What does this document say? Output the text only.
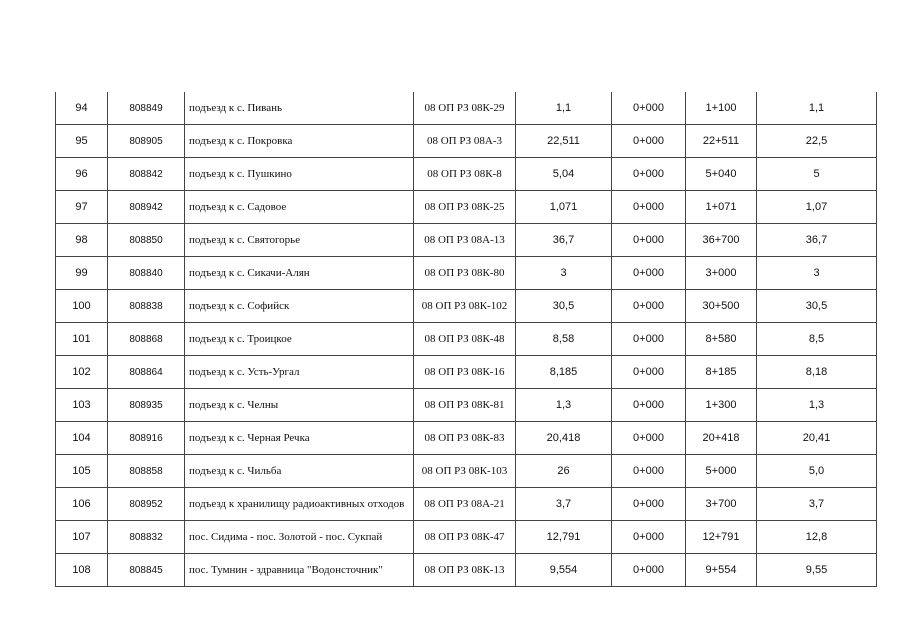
94	808849	подъезд к с. Пивань	08 ОП РЗ 08К-29	1,1	0+000	1+100	1,1
95	808905	подъезд к с. Покровка	08 ОП РЗ 08А-3	22,511	0+000	22+511	22,5
96	808842	подъезд к с. Пушкино	08 ОП РЗ 08К-8	5,04	0+000	5+040	5
97	808942	подъезд к с. Садовое	08 ОП РЗ 08К-25	1,071	0+000	1+071	1,07
98	808850	подъезд к с. Святогорье	08 ОП РЗ 08А-13	36,7	0+000	36+700	36,7
99	808840	подъезд к с. Сикачи-Алян	08 ОП РЗ 08К-80	3	0+000	3+000	3
100	808838	подъезд к с. Софийск	08 ОП РЗ 08К-102	30,5	0+000	30+500	30,5
101	808868	подъезд к с. Троицкое	08 ОП РЗ 08К-48	8,58	0+000	8+580	8,5
102	808864	подъезд к с. Усть-Ургал	08 ОП РЗ 08К-16	8,185	0+000	8+185	8,18
103	808935	подъезд к с. Челны	08 ОП РЗ 08К-81	1,3	0+000	1+300	1,3
104	808916	подъезд к с. Черная Речка	08 ОП РЗ 08К-83	20,418	0+000	20+418	20,41
105	808858	подъезд к с. Чильба	08 ОП РЗ 08К-103	26	0+000	5+000	5,0
106	808952	подъезд к хранилищу радиоактивных отходов	08 ОП РЗ 08А-21	3,7	0+000	3+700	3,7
107	808832	пос. Сидима - пос. Золотой - пос. Сукпай	08 ОП РЗ 08К-47	12,791	0+000	12+791	12,8
108	808845	пос. Тумнин - здравница "Водонсточник"	08 ОП РЗ 08К-13	9,554	0+000	9+554	9,55
